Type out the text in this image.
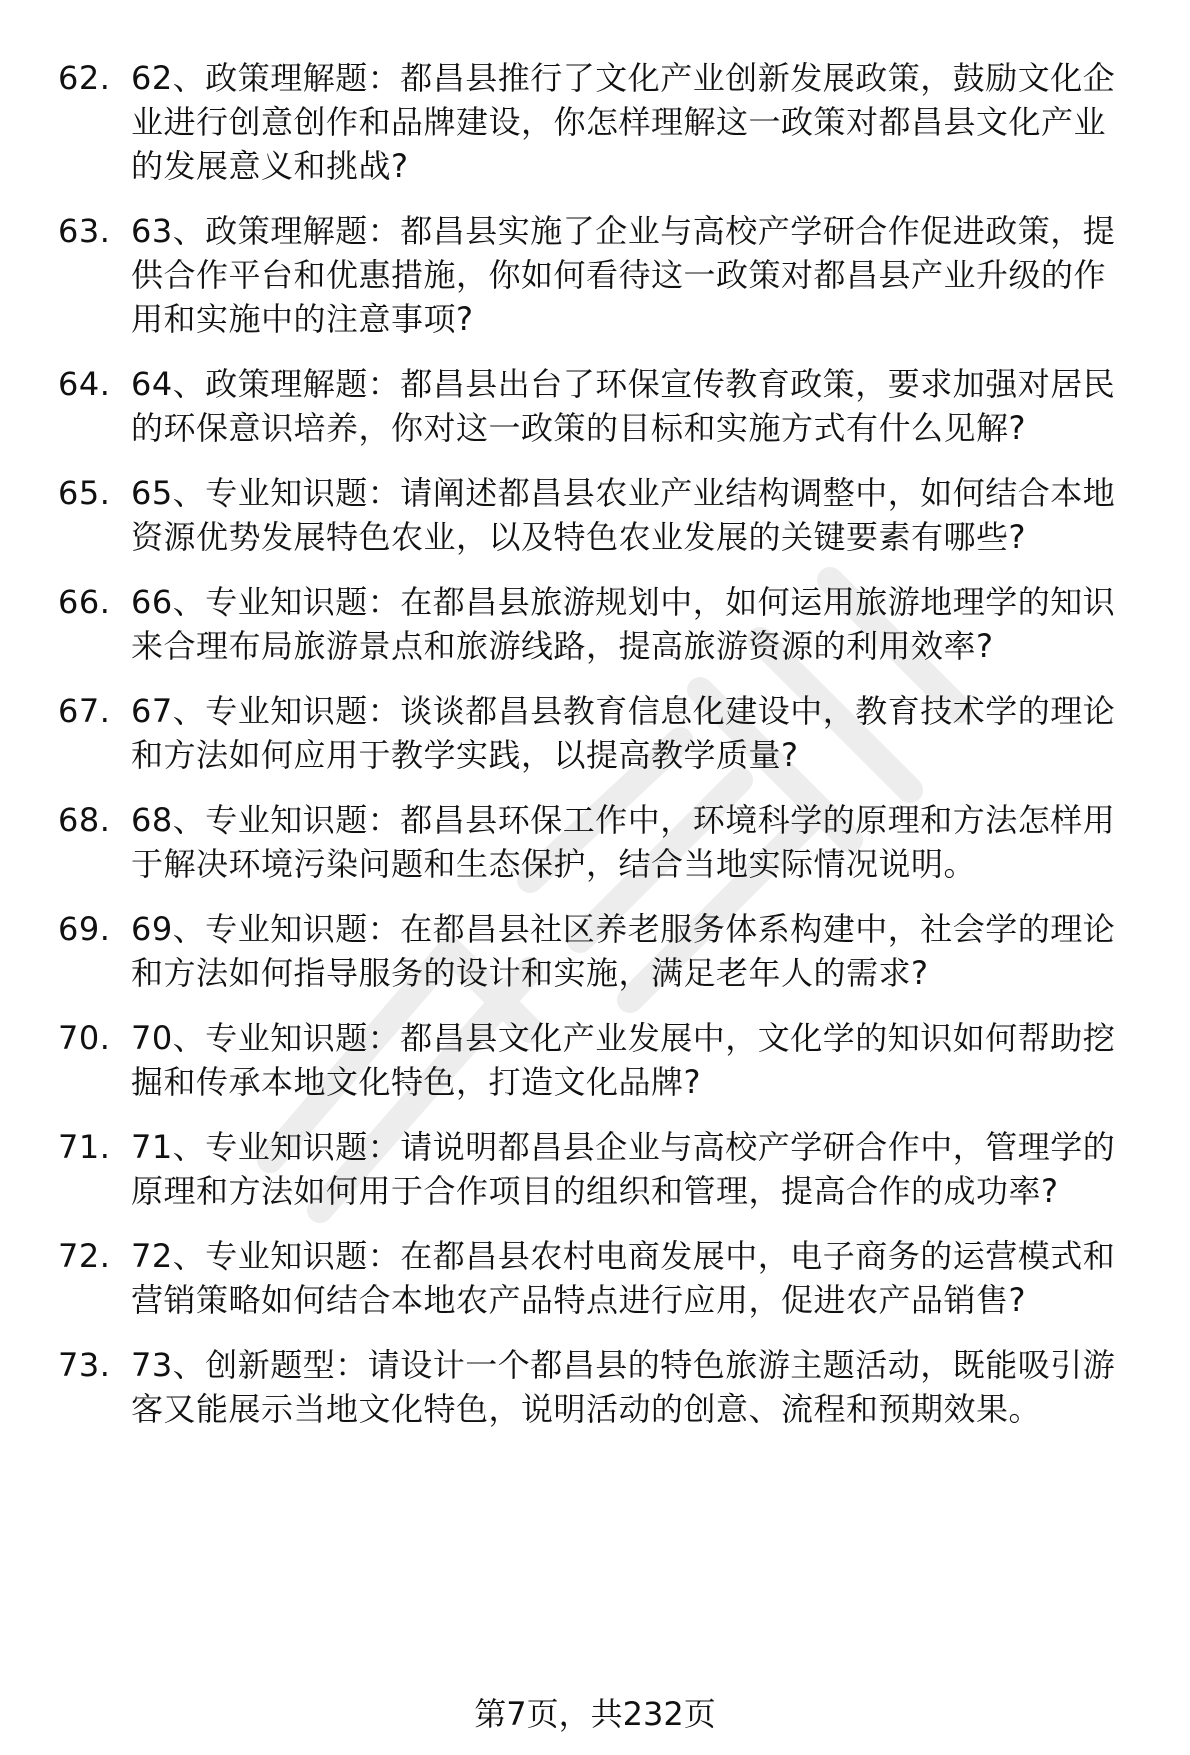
62. 62、政策理解题：都昌县推行了文化产业创新发展政策，鼓励文化企业进行创意创作和品牌建设，你怎样理解这一政策对都昌县文化产业的发展意义和挑战?
63. 63、政策理解题：都昌县实施了企业与高校产学研合作促进政策，提供合作平台和优惠措施，你如何看待这一政策对都昌县产业升级的作用和实施中的注意事项?
64. 64、政策理解题：都昌县出台了环保宣传教育政策，要求加强对居民的环保意识培养，你对这一政策的目标和实施方式有什么见解?
65. 65、专业知识题：请阐述都昌县农业产业结构调整中，如何结合本地资源优势发展特色农业，以及特色农业发展的关键要素有哪些?
66. 66、专业知识题：在都昌县旅游规划中，如何运用旅游地理学的知识来合理布局旅游景点和旅游线路，提高旅游资源的利用效率?
67. 67、专业知识题：谈谈都昌县教育信息化建设中，教育技术学的理论和方法如何应用于教学实践，以提高教学质量?
68. 68、专业知识题：都昌县环保工作中，环境科学的原理和方法怎样用于解决环境污染问题和生态保护，结合当地实际情况说明。
69. 69、专业知识题：在都昌县社区养老服务体系构建中，社会学的理论和方法如何指导服务的设计和实施，满足老年人的需求?
70. 70、专业知识题：都昌县文化产业发展中，文化学的知识如何帮助挖掘和传承本地文化特色，打造文化品牌?
71. 71、专业知识题：请说明都昌县企业与高校产学研合作中，管理学的原理和方法如何用于合作项目的组织和管理，提高合作的成功率?
72. 72、专业知识题：在都昌县农村电商发展中，电子商务的运营模式和营销策略如何结合本地农产品特点进行应用，促进农产品销售?
73. 73、创新题型：请设计一个都昌县的特色旅游主题活动，既能吸引游客又能展示当地文化特色，说明活动的创意、流程和预期效果。
第7页，共232页
